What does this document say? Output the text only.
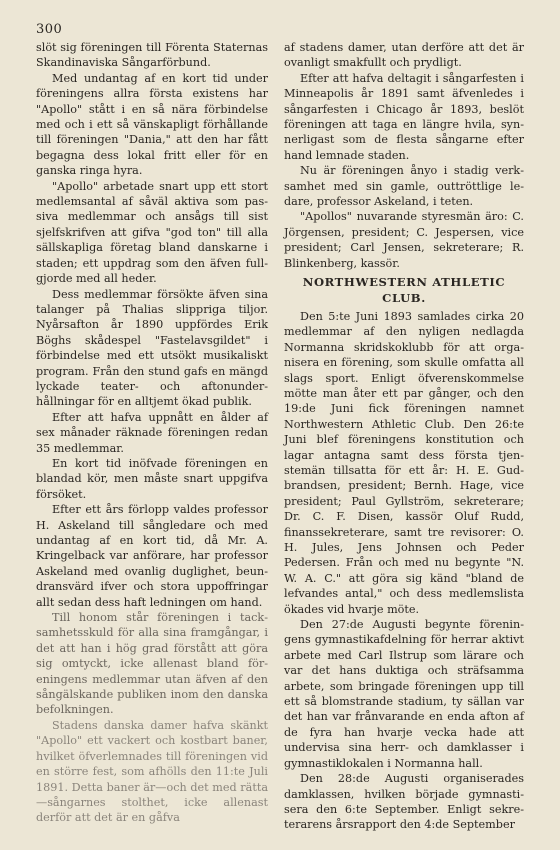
300

slöt sig föreningen till Förenta Staternas Skandinaviska Sångarförbund.

Med undantag af en kort tid under föreningens allra första existens har "Apollo" stått i en så nära förbindelse med och i ett så vänskapligt förhållande till föreningen "Dania," att den har fått begagna dess lokal fritt eller för en ganska ringa hyra.

"Apollo" arbetade snart upp ett stort medlemsantal af såväl aktiva som passiva medlemmar och ansågs till sist sjelfskrifven att gifva "god ton" till alla sällskapliga företag bland danskarne i staden; ett uppdrag som den äfven fullgjorde med all heder.

Dess medlemmar försökte äfven sina talanger på Thalias slippriga tiljor. Nyårsafton år 1890 uppfördes Erik Böghs skådespel "Fastelavsgildet" i förbindelse med ett utsökt musikaliskt program. Från den stund gafs en mängd lyckade teater- och aftonunderhållningar för en alltjemt ökad publik.

Efter att hafva uppnått en ålder af sex månader räknade föreningen redan 35 medlemmar.

En kort tid inöfvade föreningen en blandad kör, men måste snart uppgifva försöket.

Efter ett års förlopp valdes professor H. Askeland till sångledare och med undantag af en kort tid, då Mr. A. Kringelback var anförare, har professor Askeland med ovanlig duglighet, beundransvärd ifver och stora uppoffringar allt sedan dess haft ledningen om hand.

Till honom står föreningen i tacksamhetsskuld för alla sina framgångar, i det att han i hög grad förstått att göra sig omtyckt, icke allenast bland föreningens medlemmar utan äfven af den sångälskande publiken inom den danska befolkningen.

Stadens danska damer hafva skänkt "Apollo" ett vackert och kostbart baner, hvilket öfverlemnades till föreningen vid en större fest, som afhölls den 11:te Juli 1891. Detta baner är—och det med rätta—sångarnes stolthet, icke allenast derför att det är en gåfva

af stadens damer, utan derföre att det är ovanligt smakfullt och prydligt.

Efter att hafva deltagit i sångarfesten i Minneapolis år 1891 samt äfvenledes i sångarfesten i Chicago år 1893, beslöt föreningen att taga en längre hvila, synnerligast som de flesta sångarne efter hand lemnade staden.

Nu är föreningen ånyo i stadig verksamhet med sin gamle, outtröttlige ledare, professor Askeland, i teten.

"Apollos" nuvarande styresmän äro: C. Jörgensen, president; C. Jespersen, vice president; Carl Jensen, sekreterare; R. Blinkenberg, kassör.

NORTHWESTERN ATHLETIC CLUB.

Den 5:te Juni 1893 samlades cirka 20 medlemmar af den nyligen nedlagda Normanna skridskoklubb för att organisera en förening, som skulle omfatta all slags sport. Enligt öfverenskommelse mötte man åter ett par gånger, och den 19:de Juni fick föreningen namnet Northwestern Athletic Club. Den 26:te Juni blef föreningens konstitution och lagar antagna samt dess första tjenstemän tillsatta för ett år: H. E. Gudbrandsen, president; Bernh. Hage, vice president; Paul Gyllström, sekreterare; Dr. C. F. Disen, kassör Oluf Rudd, finanssekreterare, samt tre revisorer: O. H. Jules, Jens Johnsen och Peder Pedersen. Från och med nu begynte "N. W. A. C." att göra sig känd "bland de lefvandes antal," och dess medlemslista ökades vid hvarje möte.

Den 27:de Augusti begynte föreningens gymnastikafdelning för herrar aktivt arbete med Carl Ilstrup som lärare och var det hans duktiga och sträfsamma arbete, som bringade föreningen upp till ett så blomstrande stadium, ty sällan var det han var frånvarande en enda afton af de fyra han hvarje vecka hade att undervisa sina herr- och damklasser i gymnastiklokalen i Normanna hall.

Den 28:de Augusti organiserades damklassen, hvilken började gymnastisera den 6:te September. Enligt sekreterarens årsrapport den 4:de September
